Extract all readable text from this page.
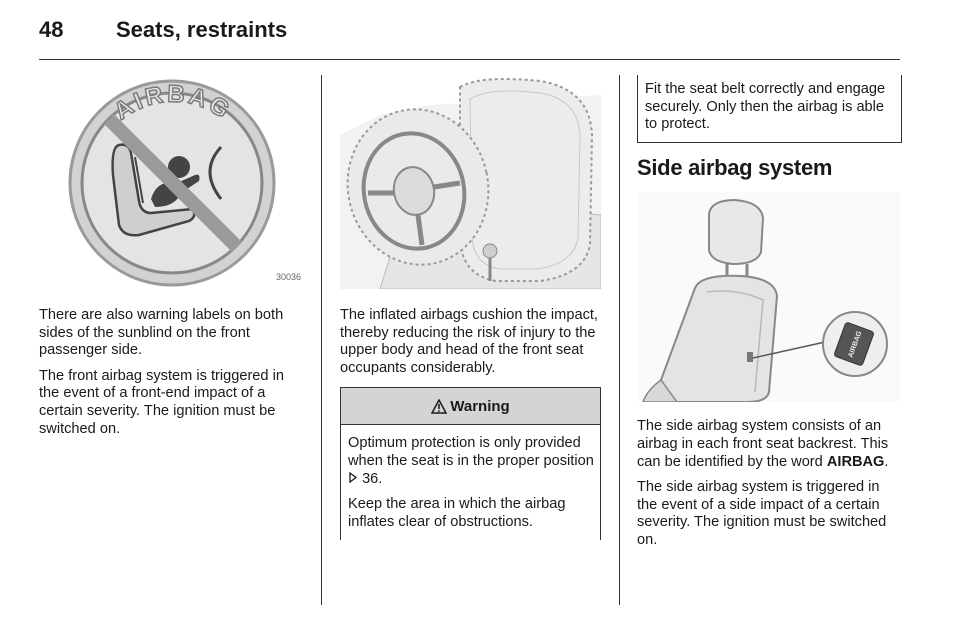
48 Seats, restraints
AIRBAG
30036

There are also warning labels on both sides of the sunblind on the front passenger side.

The front airbag system is triggered in the event of a front-end impact of a certain severity. The ignition must be switched on.

The inflated airbags cushion the impact, thereby reducing the risk of injury to the upper body and head of the front seat occupants considerably.

Warning

Optimum protection is only provided when the seat is in the proper position  36.

Keep the area in which the airbag inflates clear of obstructions.

Fit the seat belt correctly and engage securely. Only then the airbag is able to protect.

Side airbag system
AIRBAG

The side airbag system consists of an airbag in each front seat backrest. This can be identified by the word AIRBAG.

The side airbag system is triggered in the event of a side impact of a certain severity. The ignition must be switched on.
